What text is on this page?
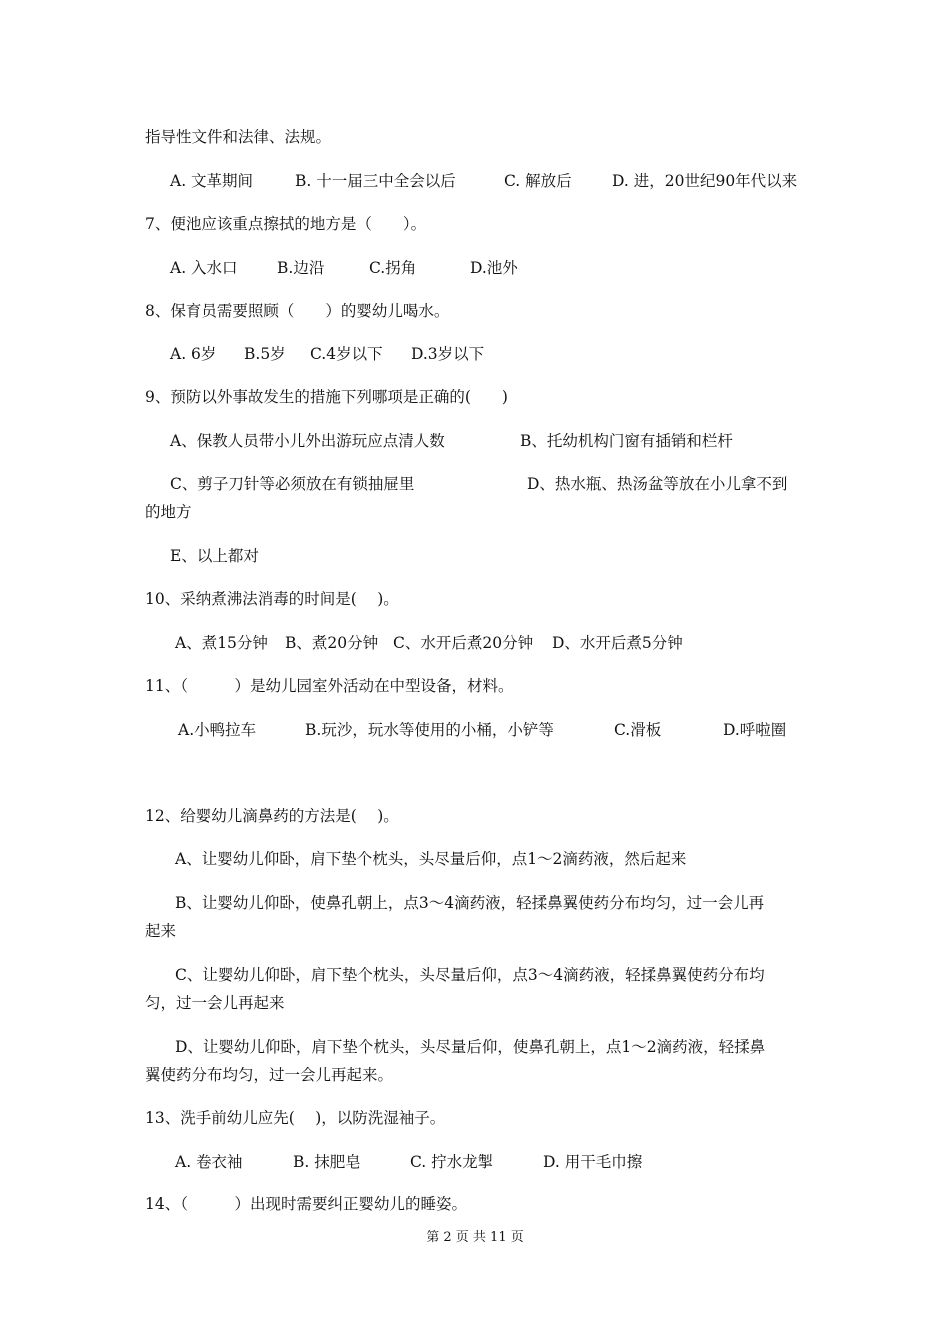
指导性文件和法律、法规。
A. 文革期间	B. 十一届三中全会以后	C. 解放后	D. 进，20世纪90年代以来
7、便池应该重点擦拭的地方是（　　）。
A. 入水口	B.边沿	C.拐角	D.池外
8、保育员需要照顾（　　）的婴幼儿喝水。
A. 6岁 B.5岁 C.4岁以下 D.3岁以下
9、预防以外事故发生的措施下列哪项是正确的(　　)
A、保教人员带小儿外出游玩应点清人数	B、托幼机构门窗有插销和栏杆
C、剪子刀针等必须放在有锁抽屉里	D、热水瓶、热汤盆等放在小儿拿不到
的地方
E、以上都对
10、采纳煮沸法消毒的时间是(　 )。
A、煮15分钟 B、煮20分钟 C、水开后煮20分钟 D、水开后煮5分钟
11、（　　　）是幼儿园室外活动在中型设备，材料。
A.小鸭拉车	B.玩沙，玩水等使用的小桶，小铲等	C.滑板	D.呼啦圈
12、给婴幼儿滴鼻药的方法是(　 )。
A、让婴幼儿仰卧，肩下垫个枕头，头尽量后仰，点1～2滴药液，然后起来
B、让婴幼儿仰卧，使鼻孔朝上，点3～4滴药液，轻揉鼻翼使药分布均匀，过一会儿再
起来
C、让婴幼儿仰卧，肩下垫个枕头，头尽量后仰，点3～4滴药液，轻揉鼻翼使药分布均
匀，过一会儿再起来
D、让婴幼儿仰卧，肩下垫个枕头，头尽量后仰，使鼻孔朝上，点1～2滴药液，轻揉鼻
翼使药分布均匀，过一会儿再起来。
13、洗手前幼儿应先(　 )，以防洗湿袖子。
A. 卷衣袖	B. 抹肥皂	C. 拧水龙掣	D. 用干毛巾擦
14、（　　　）出现时需要纠正婴幼儿的睡姿。
第 2 页 共 11 页
